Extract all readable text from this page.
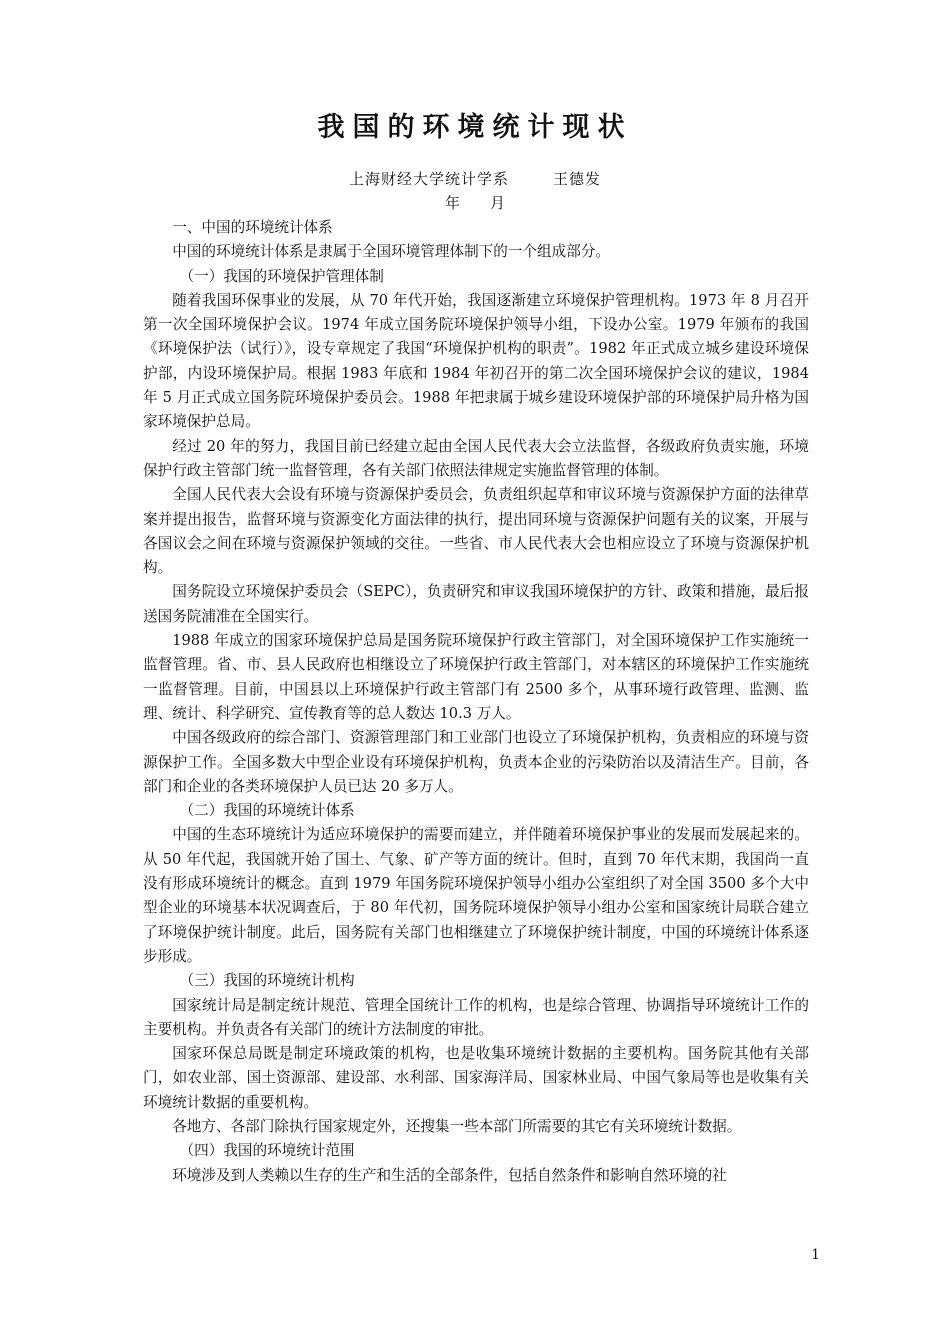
我国的环境统计现状
上海财经大学统计学系	王德发
年 月

一、中国的环境统计体系

中国的环境统计体系是隶属于全国环境管理体制下的一个组成部分。

（一）我国的环境保护管理体制

随着我国环保事业的发展，从 70 年代开始，我国逐渐建立环境保护管理机构。1973 年 8 月召开第一次全国环境保护会议。1974 年成立国务院环境保护领导小组，下设办公室。1979 年颁布的我国《环境保护法（试行）》，设专章规定了我国“环境保护机构的职责”。1982 年正式成立城乡建设环境保护部，内设环境保护局。根据 1983 年底和 1984 年初召开的第二次全国环境保护会议的建议，1984 年 5 月正式成立国务院环境保护委员会。1988 年把隶属于城乡建设环境保护部的环境保护局升格为国家环境保护总局。

经过 20 年的努力，我国目前已经建立起由全国人民代表大会立法监督，各级政府负责实施，环境保护行政主管部门统一监督管理，各有关部门依照法律规定实施监督管理的体制。

全国人民代表大会设有环境与资源保护委员会，负责组织起草和审议环境与资源保护方面的法律草案并提出报告，监督环境与资源变化方面法律的执行，提出同环境与资源保护问题有关的议案，开展与各国议会之间在环境与资源保护领域的交往。一些省、市人民代表大会也相应设立了环境与资源保护机构。

国务院设立环境保护委员会（SEPC），负责研究和审议我国环境保护的方针、政策和措施，最后报送国务院浦准在全国实行。

1988 年成立的国家环境保护总局是国务院环境保护行政主管部门，对全国环境保护工作实施统一监督管理。省、市、县人民政府也相继设立了环境保护行政主管部门，对本辖区的环境保护工作实施统一监督管理。目前，中国县以上环境保护行政主管部门有 2500 多个，从事环境行政管理、监测、监理、统计、科学研究、宣传教育等的总人数达 10.3 万人。

中国各级政府的综合部门、资源管理部门和工业部门也设立了环境保护机构，负责相应的环境与资源保护工作。全国多数大中型企业设有环境保护机构，负责本企业的污染防治以及清洁生产。目前，各部门和企业的各类环境保护人员已达 20 多万人。

（二）我国的环境统计体系

中国的生态环境统计为适应环境保护的需要而建立，并伴随着环境保护事业的发展而发展起来的。从 50 年代起，我国就开始了国土、气象、矿产等方面的统计。但时，直到 70 年代末期，我国尚一直没有形成环境统计的概念。直到 1979 年国务院环境保护领导小组办公室组织了对全国 3500 多个大中型企业的环境基本状况调查后，于 80 年代初，国务院环境保护领导小组办公室和国家统计局联合建立了环境保护统计制度。此后，国务院有关部门也相继建立了环境保护统计制度，中国的环境统计体系逐步形成。

（三）我国的环境统计机构

国家统计局是制定统计规范、管理全国统计工作的机构，也是综合管理、协调指导环境统计工作的主要机构。并负责各有关部门的统计方法制度的审批。

国家环保总局既是制定环境政策的机构，也是收集环境统计数据的主要机构。国务院其他有关部门，如农业部、国土资源部、建设部、水利部、国家海洋局、国家林业局、中国气象局等也是收集有关环境统计数据的重要机构。

各地方、各部门除执行国家规定外，还搜集一些本部门所需要的其它有关环境统计数据。

（四）我国的环境统计范围

环境涉及到人类赖以生存的生产和生活的全部条件，包括自然条件和影响自然环境的社

1
